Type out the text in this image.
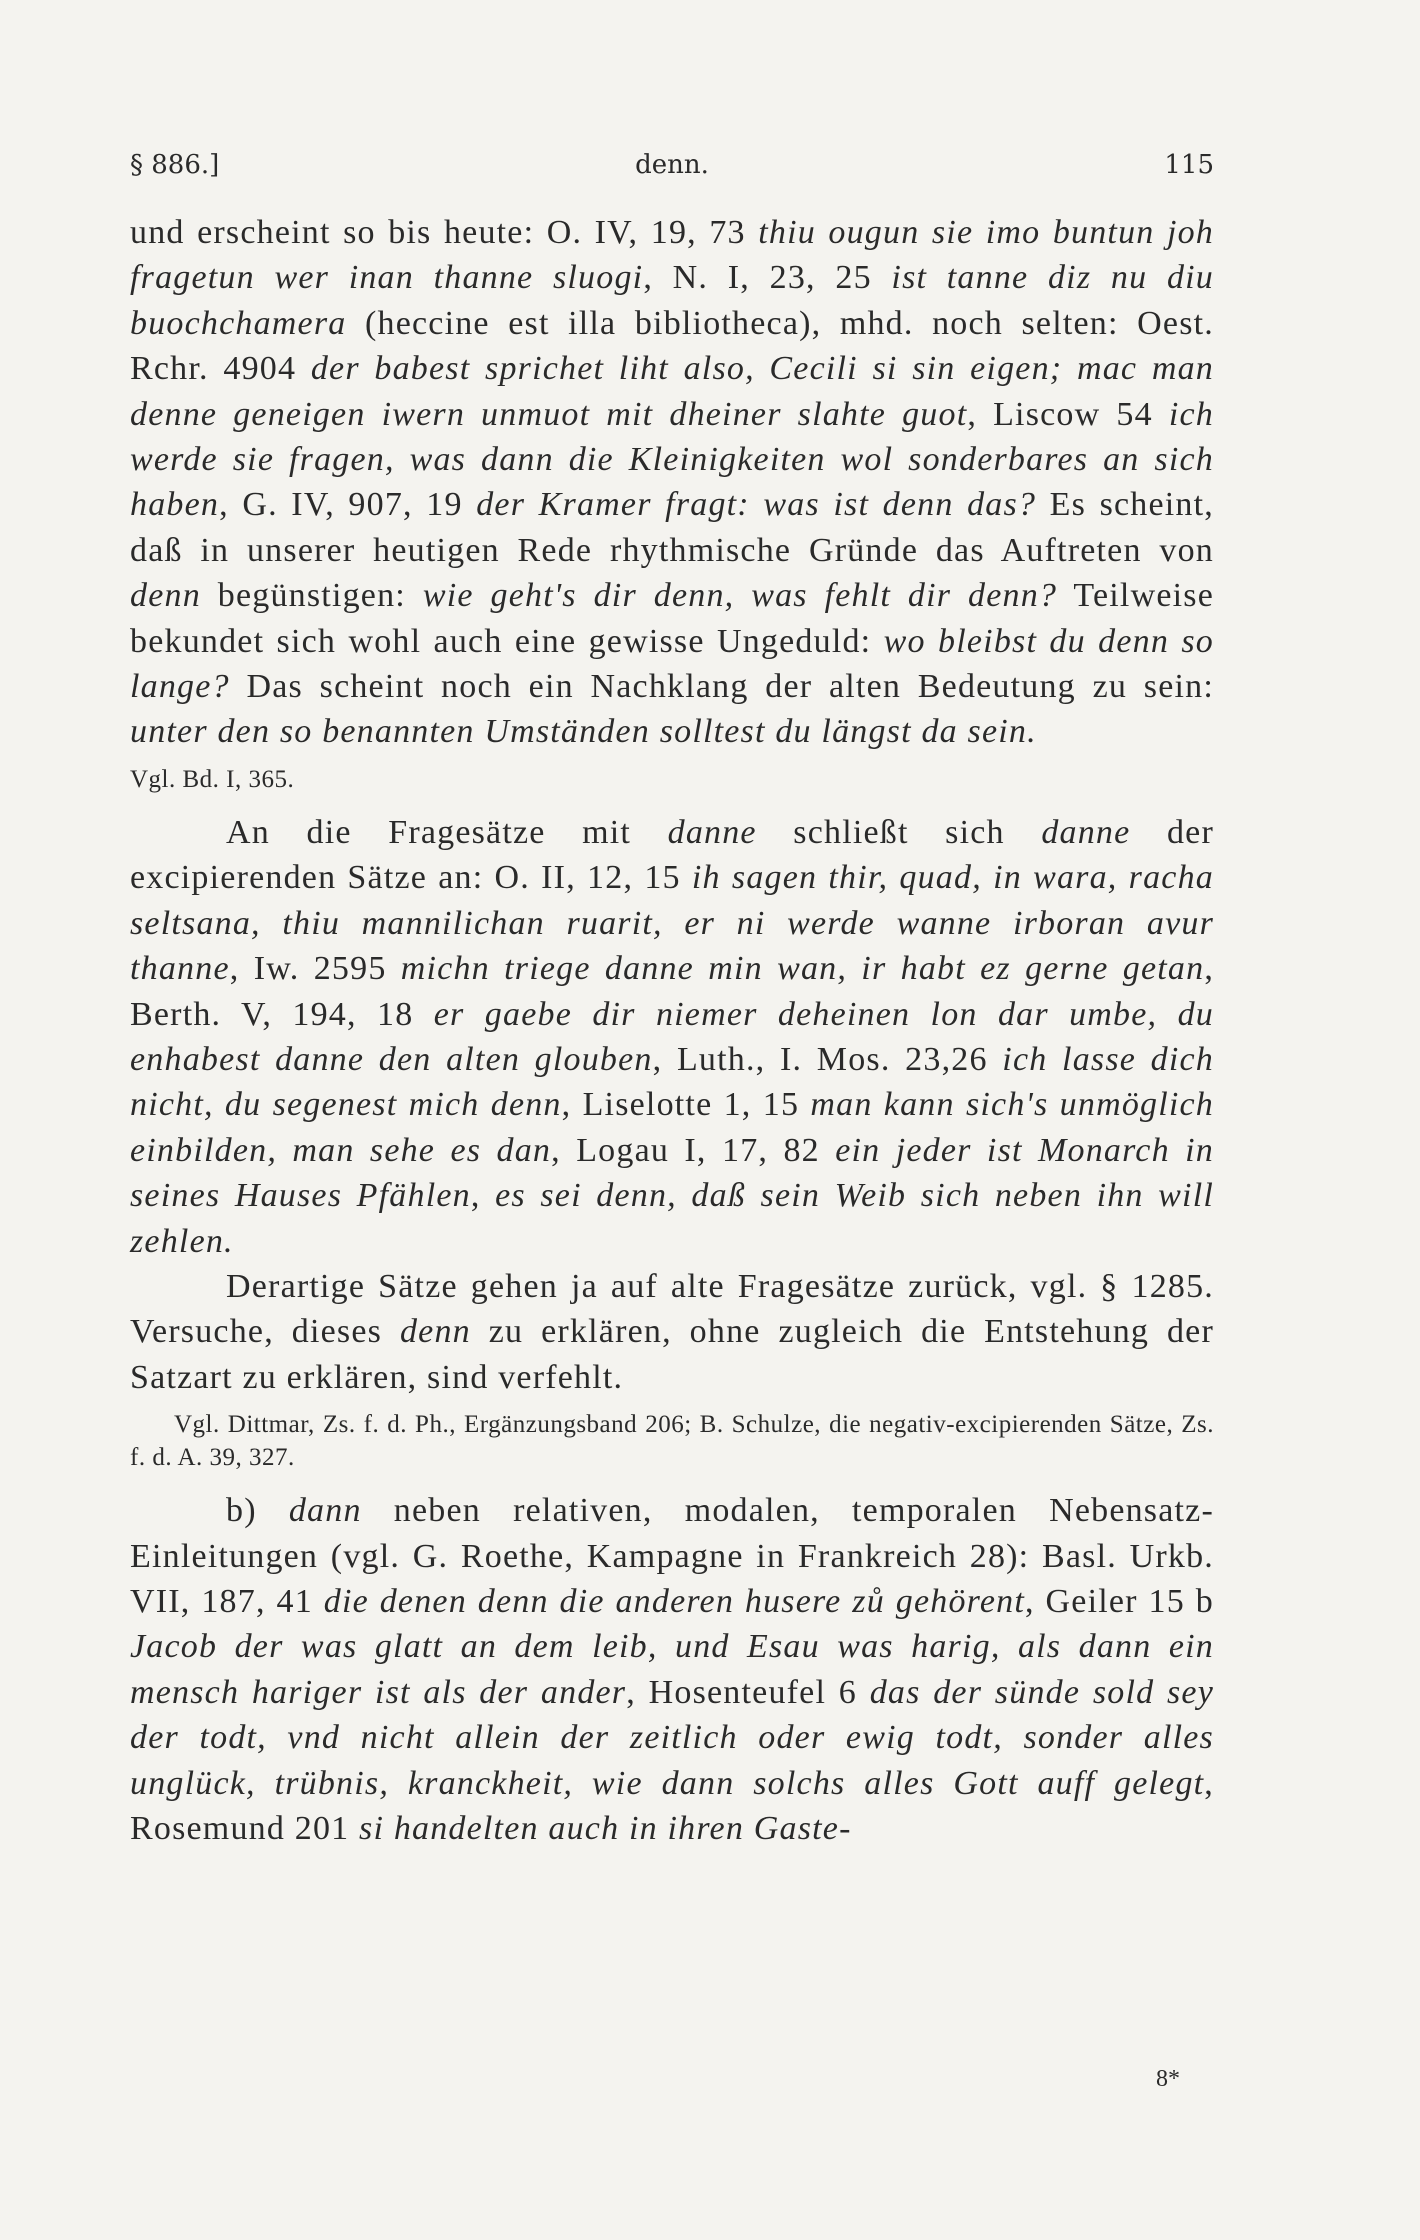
§ 886.]	denn.	115

und erscheint so bis heute: O. IV, 19, 73 thiu ougun sie imo buntun joh fragetun wer inan thanne sluogi, N. I, 23, 25 ist tanne diz nu diu buochchamera (heccine est illa bibliotheca), mhd. noch selten: Oest. Rchr. 4904 der babest sprichet liht also, Cecili si sin eigen; mac man denne geneigen iwern unmuot mit dheiner slahte guot, Liscow 54 ich werde sie fragen, was dann die Kleinigkeiten wol sonderbares an sich haben, G. IV, 907, 19 der Kramer fragt: was ist denn das? Es scheint, daß in unserer heutigen Rede rhythmische Gründe das Auftreten von denn begünstigen: wie geht's dir denn, was fehlt dir denn? Teilweise bekundet sich wohl auch eine gewisse Ungeduld: wo bleibst du denn so lange? Das scheint noch ein Nachklang der alten Bedeutung zu sein: unter den so benannten Umständen solltest du längst da sein.

Vgl. Bd. I, 365.

An die Fragesätze mit danne schließt sich danne der excipierenden Sätze an: O. II, 12, 15 ih sagen thir, quad, in wara, racha seltsana, thiu mannilichan ruarit, er ni werde wanne irboran avur thanne, Iw. 2595 michn triege danne min wan, ir habt ez gerne getan, Berth. V, 194, 18 er gaebe dir niemer deheinen lon dar umbe, du enhabest danne den alten glouben, Luth., I. Mos. 23,26 ich lasse dich nicht, du segenest mich denn, Liselotte 1, 15 man kann sich's unmöglich einbilden, man sehe es dan, Logau I, 17, 82 ein jeder ist Monarch in seines Hauses Pfählen, es sei denn, daß sein Weib sich neben ihn will zehlen.

Derartige Sätze gehen ja auf alte Fragesätze zurück, vgl. § 1285. Versuche, dieses denn zu erklären, ohne zugleich die Entstehung der Satzart zu erklären, sind verfehlt.

Vgl. Dittmar, Zs. f. d. Ph., Ergänzungsband 206; B. Schulze, die negativ-excipierenden Sätze, Zs. f. d. A. 39, 327.

b) dann neben relativen, modalen, temporalen Nebensatz-Einleitungen (vgl. G. Roethe, Kampagne in Frankreich 28): Basl. Urkb. VII, 187, 41 die denen denn die anderen husere zů gehörent, Geiler 15 b Jacob der was glatt an dem leib, und Esau was harig, als dann ein mensch hariger ist als der ander, Hosenteufel 6 das der sünde sold sey der todt, vnd nicht allein der zeitlich oder ewig todt, sonder alles unglück, trübnis, kranckheit, wie dann solchs alles Gott auff gelegt, Rosemund 201 si handelten auch in ihren Gaste-

8*
